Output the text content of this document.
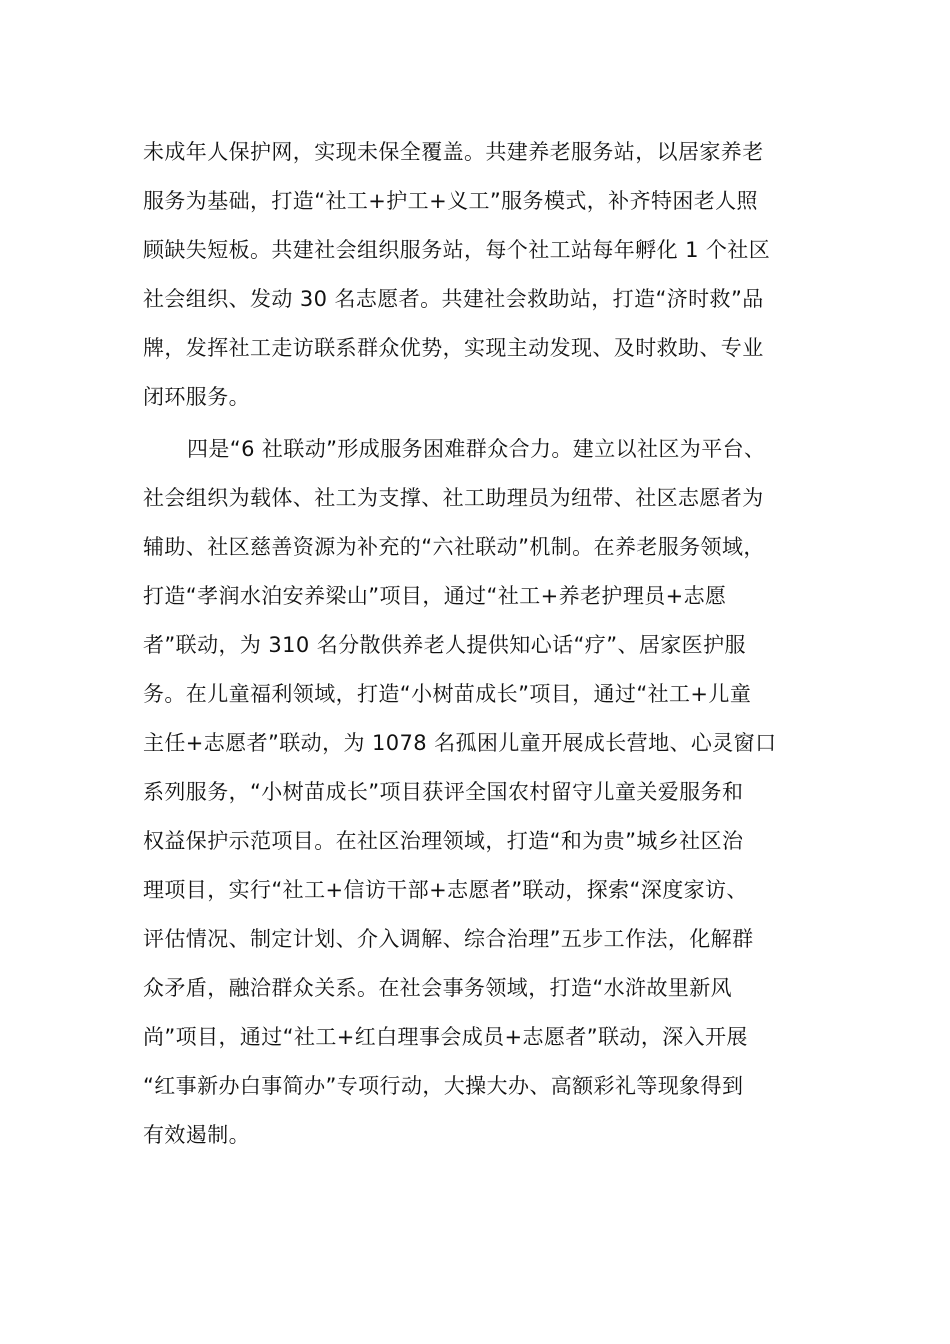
未成年人保护网，实现未保全覆盖。共建养老服务站，以居家养老
服务为基础，打造“社工+护工+义工”服务模式，补齐特困老人照
顾缺失短板。共建社会组织服务站，每个社工站每年孵化 1 个社区
社会组织、发动 30 名志愿者。共建社会救助站，打造“济时救”品
牌，发挥社工走访联系群众优势，实现主动发现、及时救助、专业
闭环服务。
四是“6 社联动”形成服务困难群众合力。建立以社区为平台、
社会组织为载体、社工为支撑、社工助理员为纽带、社区志愿者为
辅助、社区慈善资源为补充的“六社联动”机制。在养老服务领域，
打造“孝润水泊安养梁山”项目，通过“社工+养老护理员+志愿
者”联动，为 310 名分散供养老人提供知心话“疗”、居家医护服
务。在儿童福利领域，打造“小树苗成长”项目，通过“社工+儿童
主任+志愿者”联动，为 1078 名孤困儿童开展成长营地、心灵窗口
系列服务，“小树苗成长”项目获评全国农村留守儿童关爱服务和
权益保护示范项目。在社区治理领域，打造“和为贵”城乡社区治
理项目，实行“社工+信访干部+志愿者”联动，探索“深度家访、
评估情况、制定计划、介入调解、综合治理”五步工作法，化解群
众矛盾，融洽群众关系。在社会事务领域，打造“水浒故里新风
尚”项目，通过“社工+红白理事会成员+志愿者”联动，深入开展
“红事新办白事简办”专项行动，大操大办、高额彩礼等现象得到
有效遏制。
